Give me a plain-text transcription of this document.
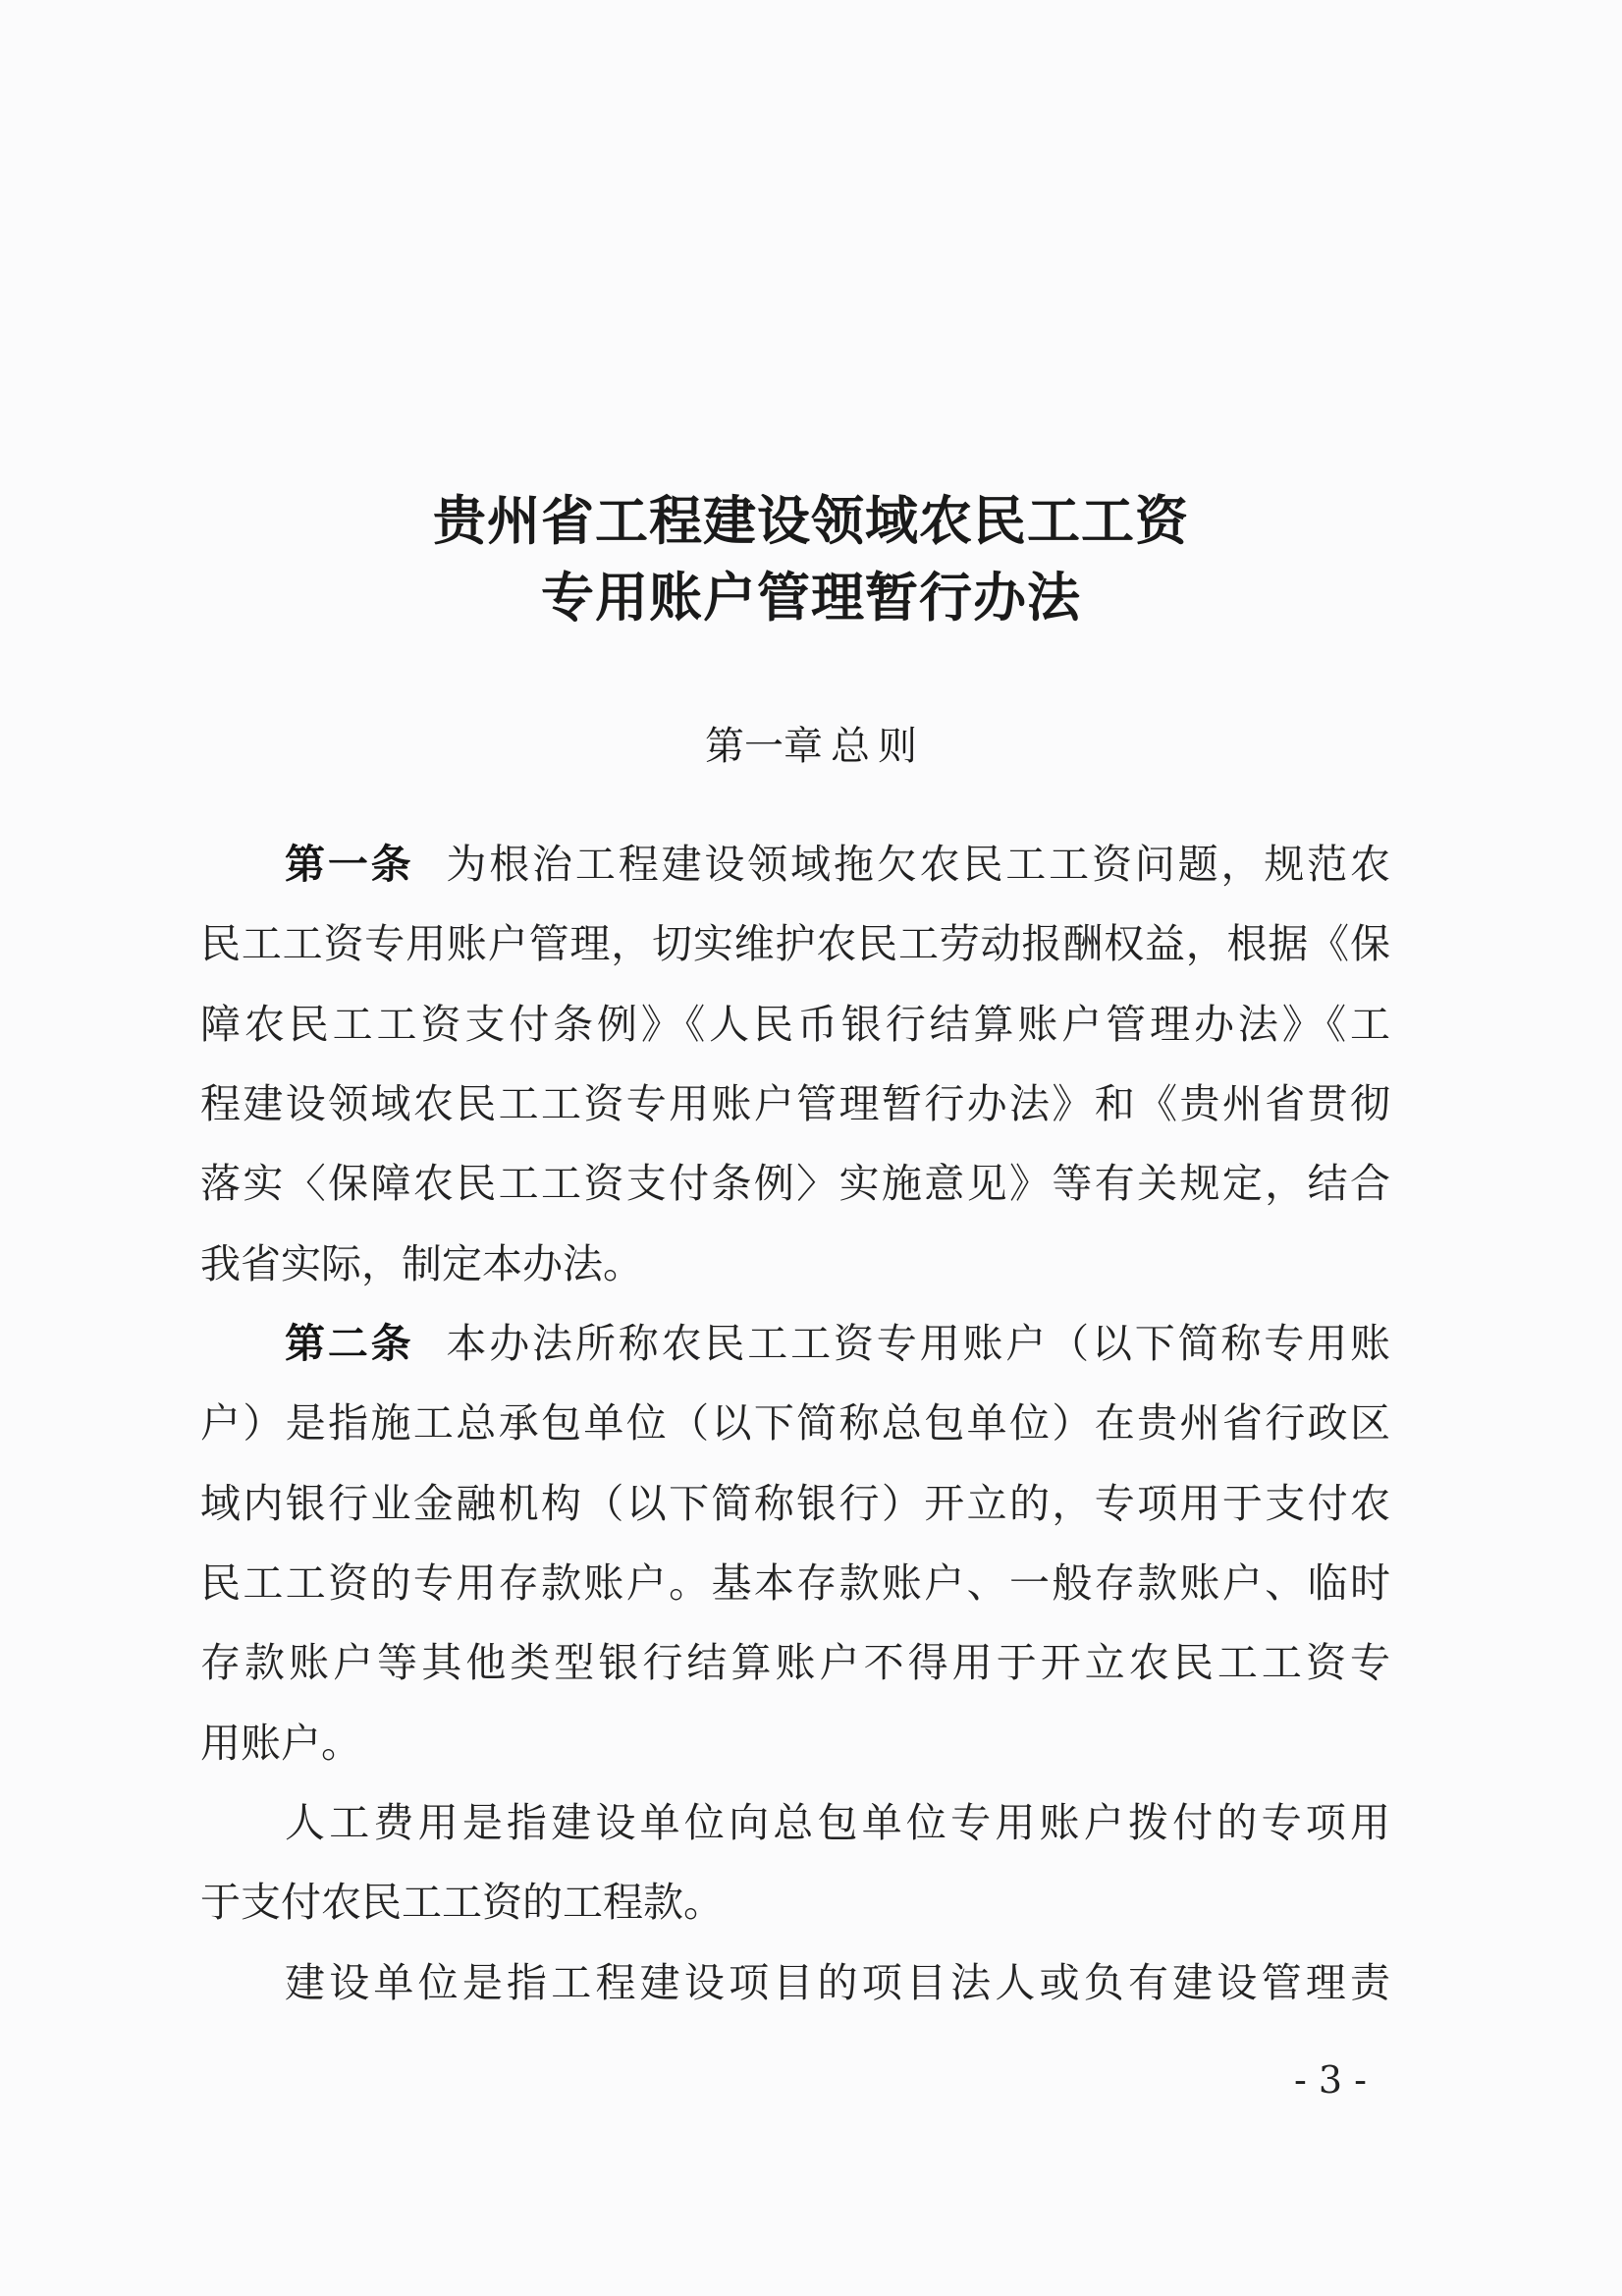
贵州省工程建设领域农民工工资
专用账户管理暂行办法
第一章 总 则
第一条 为根治工程建设领域拖欠农民工工资问题，规范农
民工工资专用账户管理，切实维护农民工劳动报酬权益，根据《保
障农民工工资支付条例》《人民币银行结算账户管理办法》《工
程建设领域农民工工资专用账户管理暂行办法》和《贵州省贯彻
落实〈保障农民工工资支付条例〉实施意见》等有关规定，结合
我省实际，制定本办法。
第二条 本办法所称农民工工资专用账户（以下简称专用账
户）是指施工总承包单位（以下简称总包单位）在贵州省行政区
域内银行业金融机构（以下简称银行）开立的，专项用于支付农
民工工资的专用存款账户。基本存款账户、一般存款账户、临时
存款账户等其他类型银行结算账户不得用于开立农民工工资专
用账户。
人工费用是指建设单位向总包单位专用账户拨付的专项用
于支付农民工工资的工程款。
建设单位是指工程建设项目的项目法人或负有建设管理责
- 3 -
